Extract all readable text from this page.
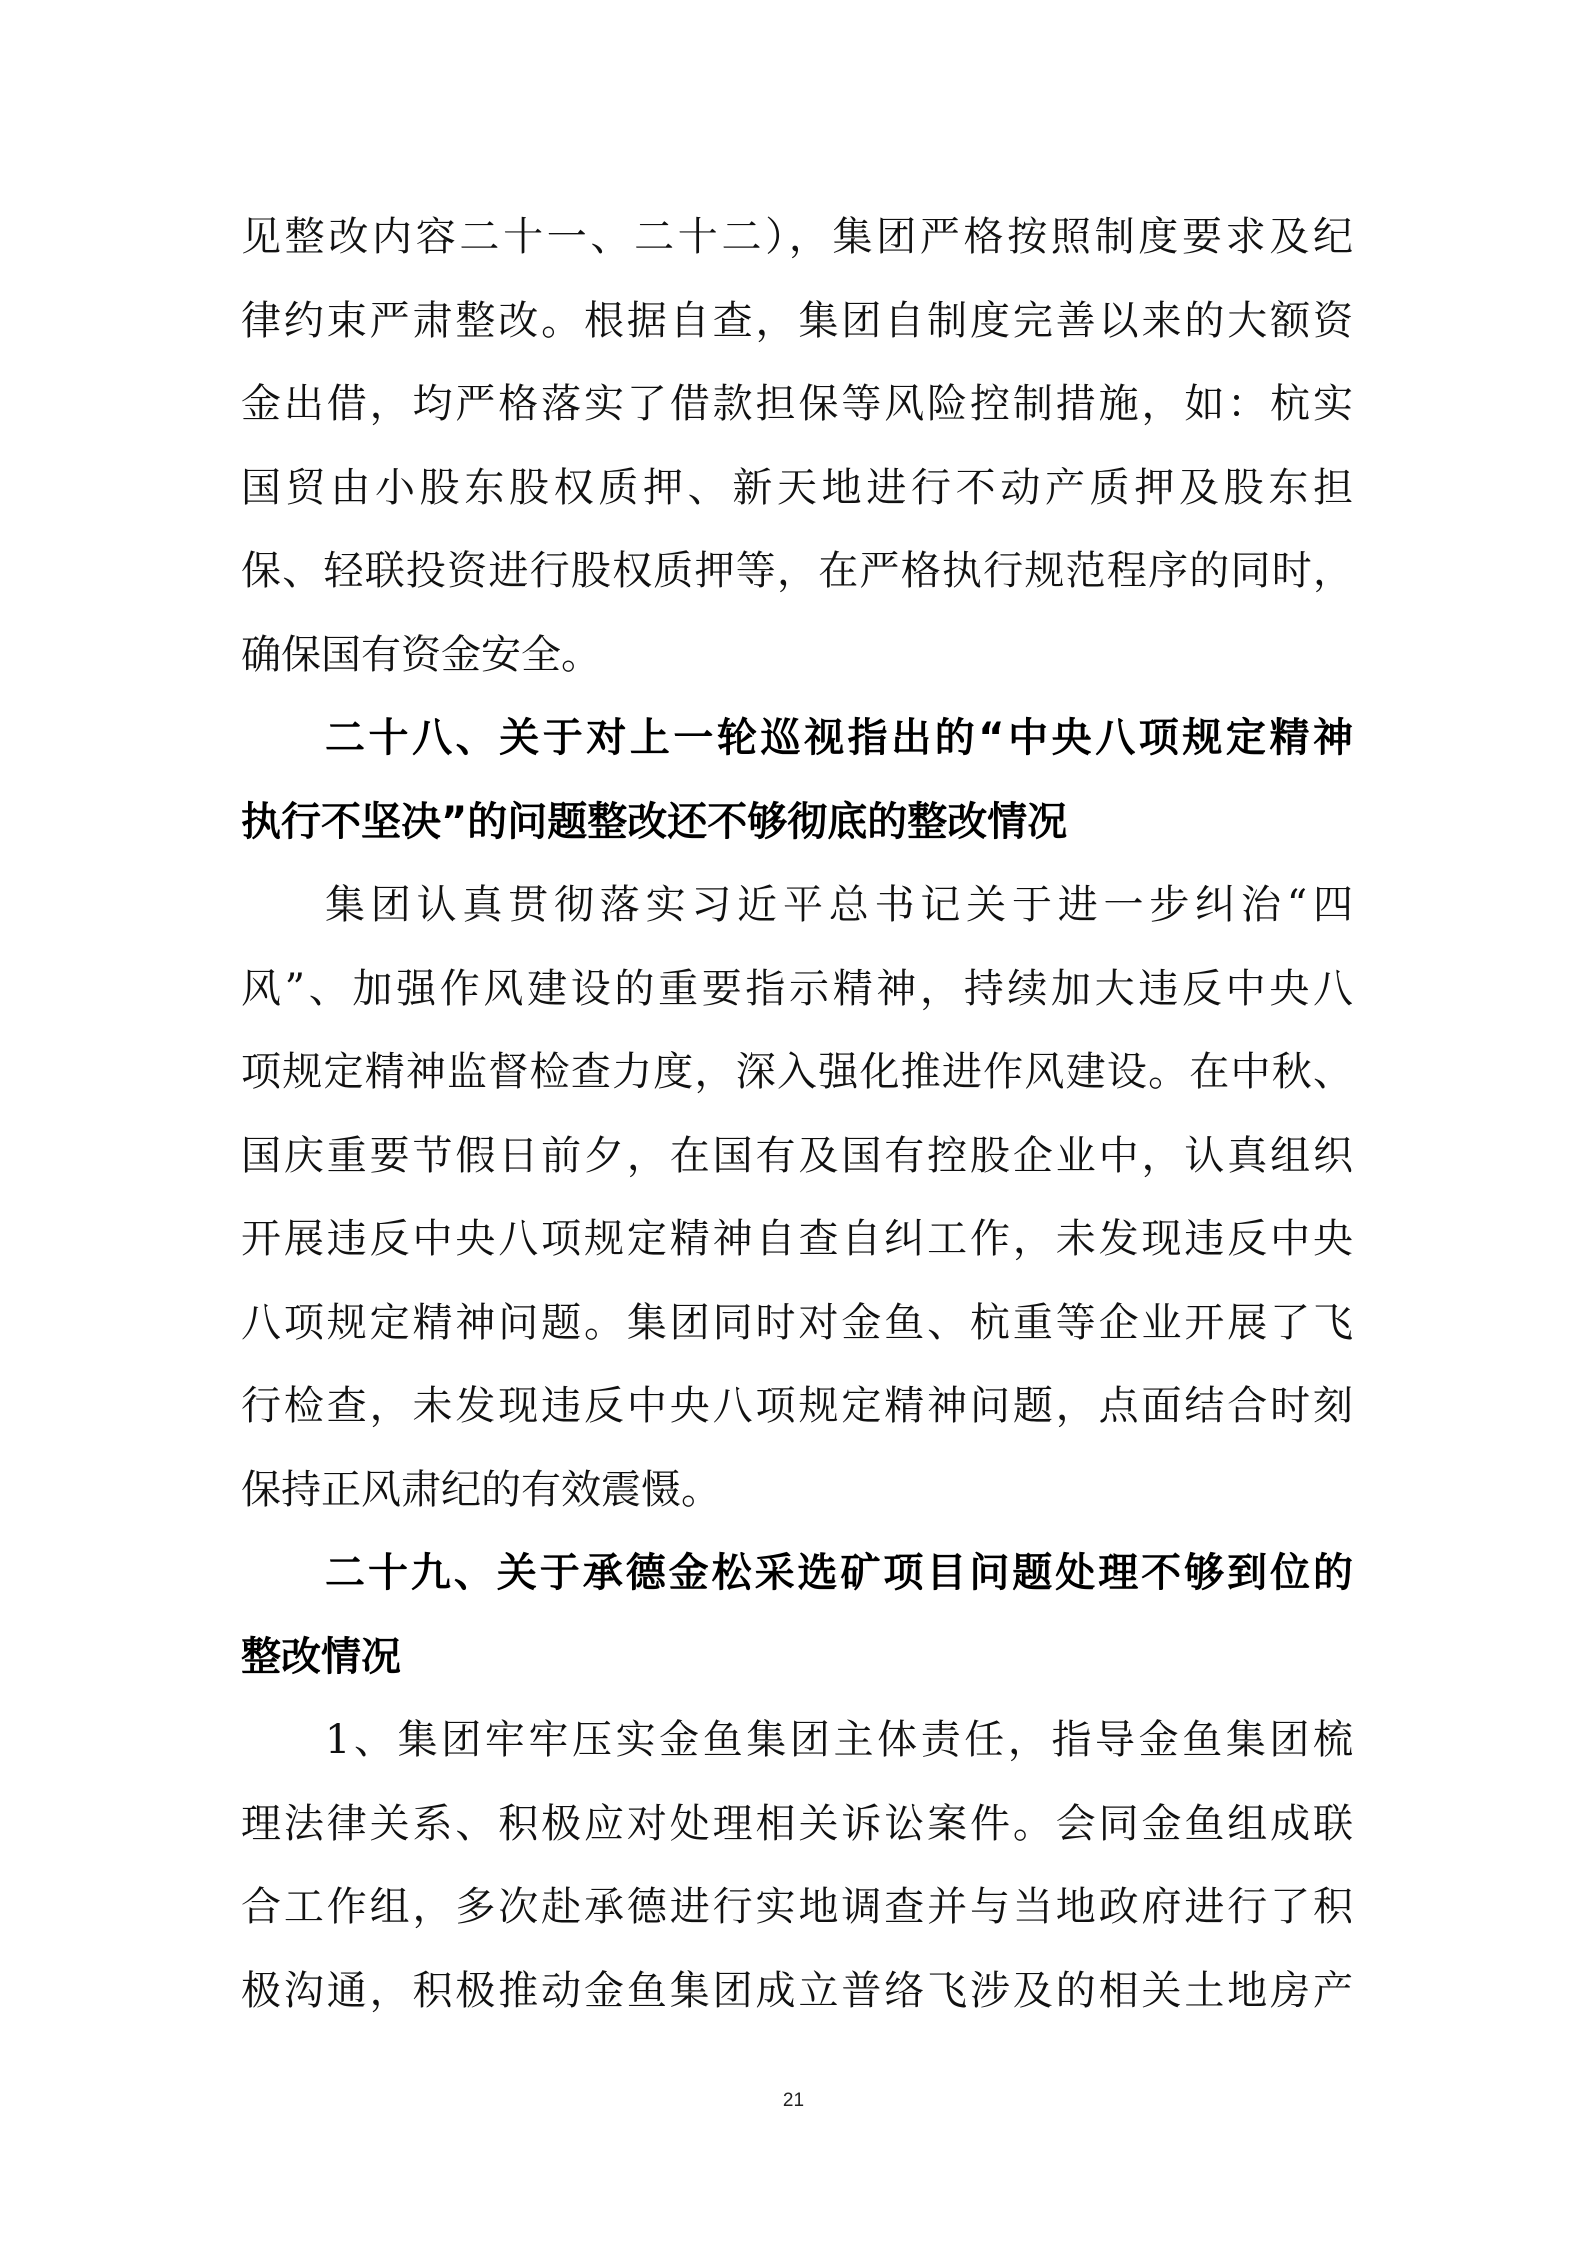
见整改内容二十一、二十二），集团严格按照制度要求及纪
律约束严肃整改。根据自查，集团自制度完善以来的大额资
金出借，均严格落实了借款担保等风险控制措施，如：杭实
国贸由小股东股权质押、新天地进行不动产质押及股东担
保、轻联投资进行股权质押等，在严格执行规范程序的同时，
确保国有资金安全。
二十八、关于对上一轮巡视指出的“中央八项规定精神
执行不坚决”的问题整改还不够彻底的整改情况
集团认真贯彻落实习近平总书记关于进一步纠治“四
风”、加强作风建设的重要指示精神，持续加大违反中央八
项规定精神监督检查力度，深入强化推进作风建设。在中秋、
国庆重要节假日前夕，在国有及国有控股企业中，认真组织
开展违反中央八项规定精神自查自纠工作，未发现违反中央
八项规定精神问题。集团同时对金鱼、杭重等企业开展了飞
行检查，未发现违反中央八项规定精神问题，点面结合时刻
保持正风肃纪的有效震慑。
二十九、关于承德金松采选矿项目问题处理不够到位的
整改情况
1、集团牢牢压实金鱼集团主体责任，指导金鱼集团梳
理法律关系、积极应对处理相关诉讼案件。会同金鱼组成联
合工作组，多次赴承德进行实地调查并与当地政府进行了积
极沟通，积极推动金鱼集团成立普络飞涉及的相关土地房产
21
